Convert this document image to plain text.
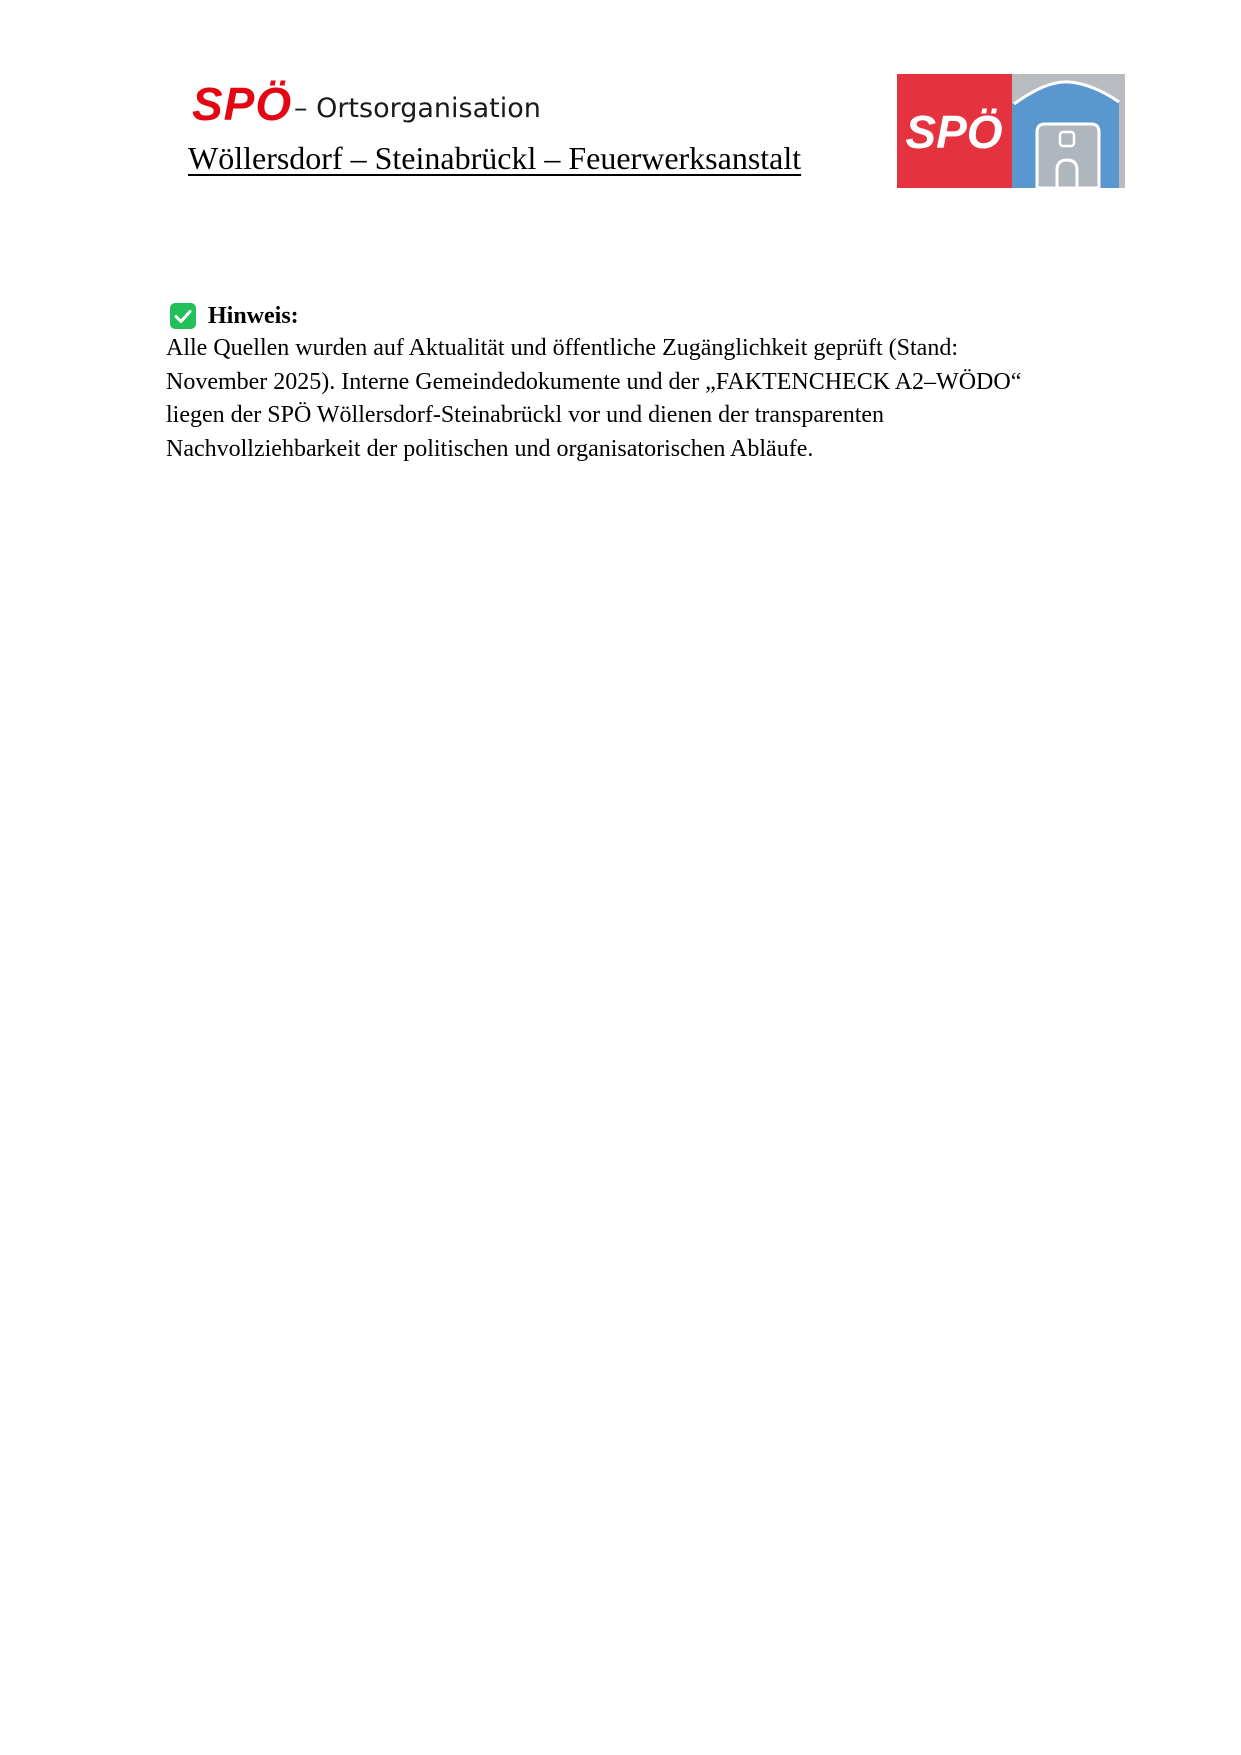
SPÖ – Ortsorganisation
Wöllersdorf – Steinabrückl – Feuerwerksanstalt SPÖ
Hinweis:

Alle Quellen wurden auf Aktualität und öffentliche Zugänglichkeit geprüft (Stand:
November 2025). Interne Gemeindedokumente und der „FAKTENCHECK A2–WÖDO“
liegen der SPÖ Wöllersdorf-Steinabrückl vor und dienen der transparenten
Nachvollziehbarkeit der politischen und organisatorischen Abläufe.
